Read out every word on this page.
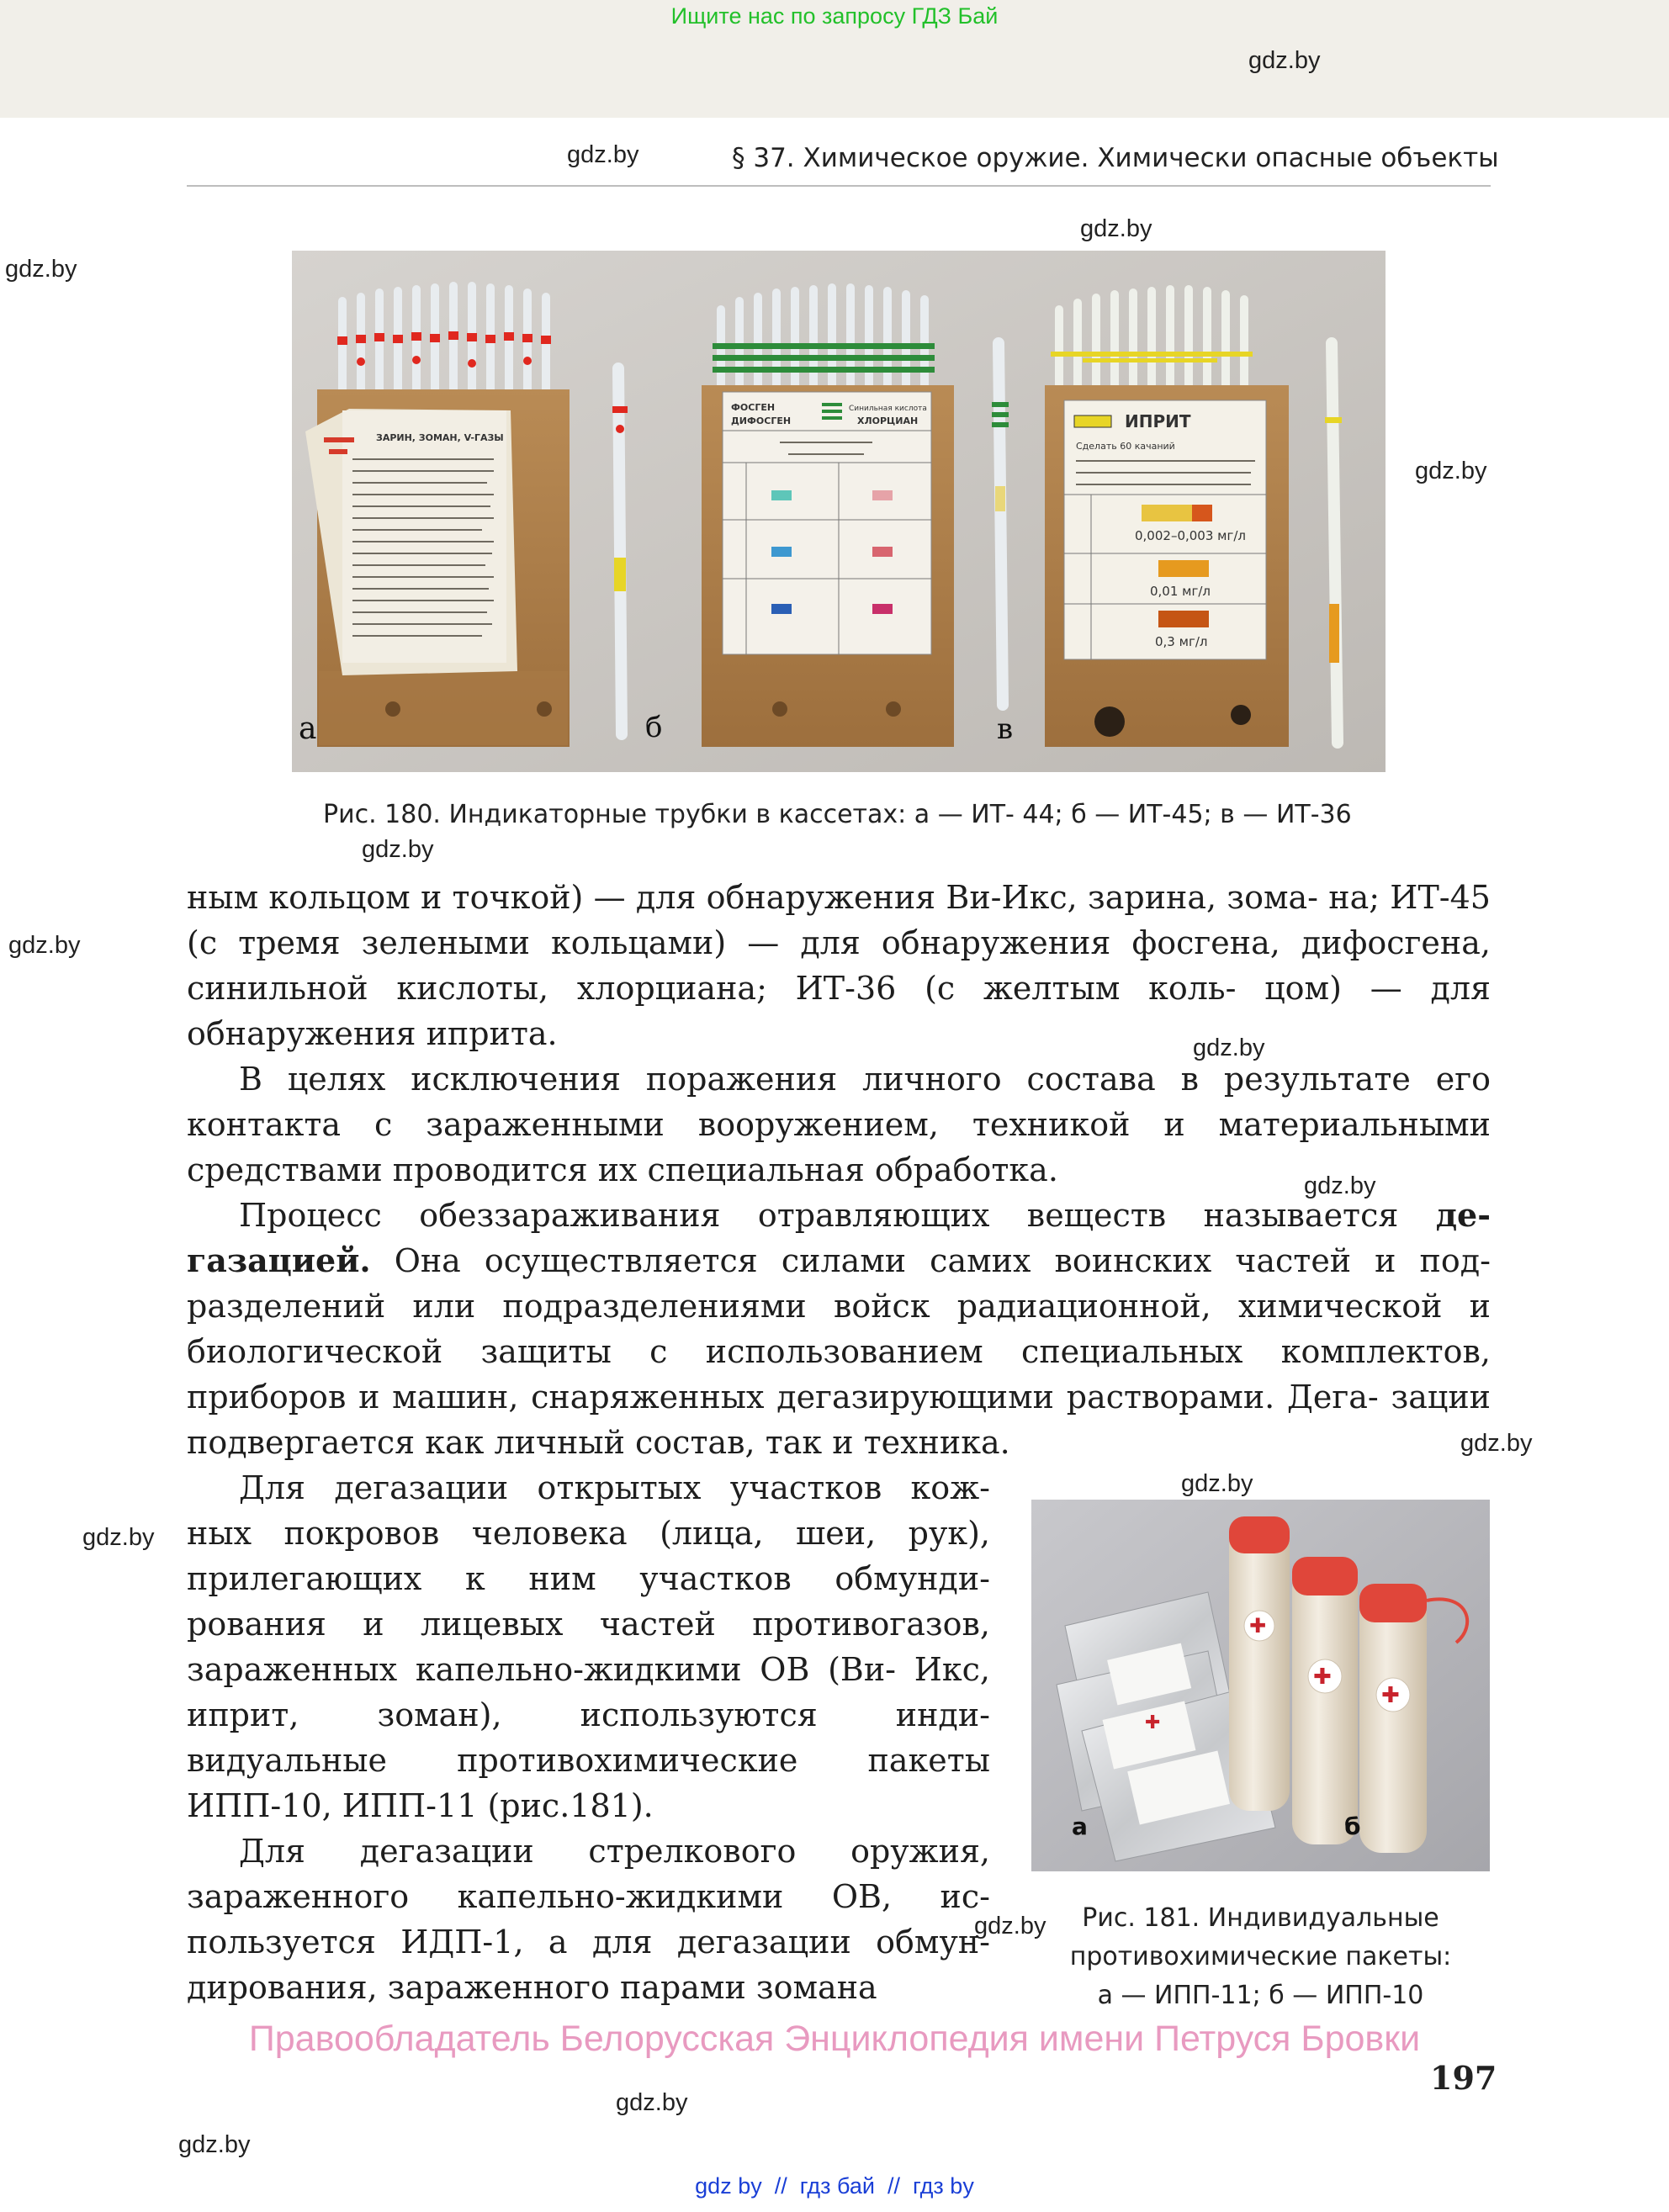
Ищите нас по запросу ГДЗ Бай
gdz.by
gdz.by
gdz.by
gdz.by
gdz.by
gdz.by
gdz.by
gdz.by
gdz.by
gdz.by
gdz.by
gdz.by
gdz.by
gdz.by
gdz.by
§ 37. Химическое оружие. Химически опасные объекты
ЗАРИН, ЗОМАН, V-ГАЗЫ
а	б
ФОСГЕН
ДИФОСГЕН
Синильная кислота
ХЛОРЦИАН
в
ИПРИТ
Сделать 60 качаний
0,002–0,003 мг/л
0,01 мг/л
0,3 мг/л
Рис. 180. Индикаторные трубки в кассетах: а — ИТ- 44; б — ИТ-45; в — ИТ-36
ным кольцом и точкой) — для обнаружения Ви-Икс, зарина, зома- на; ИТ-45 (с тремя зелеными кольцами) — для обнаружения фосгена, дифосгена, синильной кислоты, хлорциана; ИТ-36 (с желтым коль- цом) — для обнаружения иприта.
В целях исключения поражения личного состава в результате его контакта с зараженными вооружением, техникой и материальными средствами проводится их специальная обработка.
Процесс обеззараживания отравляющих веществ называется де- газацией. Она осуществляется силами самих воинских частей и под- разделений или подразделениями войск радиационной, химической и биологической защиты с использованием специальных комплектов, приборов и машин, снаряженных дегазирующими растворами. Дега- зации подвергается как личный состав, так и техника.
Для дегазации открытых участков кож- ных покровов человека (лица, шеи, рук), прилегающих к ним участков обмунди- рования и лицевых частей противогазов, зараженных капельно-жидкими ОВ (Ви- Икс, иприт, зоман), используются инди- видуальные противохимические пакеты ИПП-10, ИПП-11 (рис.181).
Для дегазации стрелкового оружия, зараженного капельно-жидкими ОВ, ис- пользуется ИДП-1, а для дегазации обмун- дирования, зараженного парами зомана
✚
✚
✚
✚
а	б
Рис. 181. Индивидуальные
противохимические пакеты:
а — ИПП-11; б — ИПП-10
Правообладатель Белорусская Энциклопедия имени Петруся Бровки
197
gdz by // гдз бай // гдз by
